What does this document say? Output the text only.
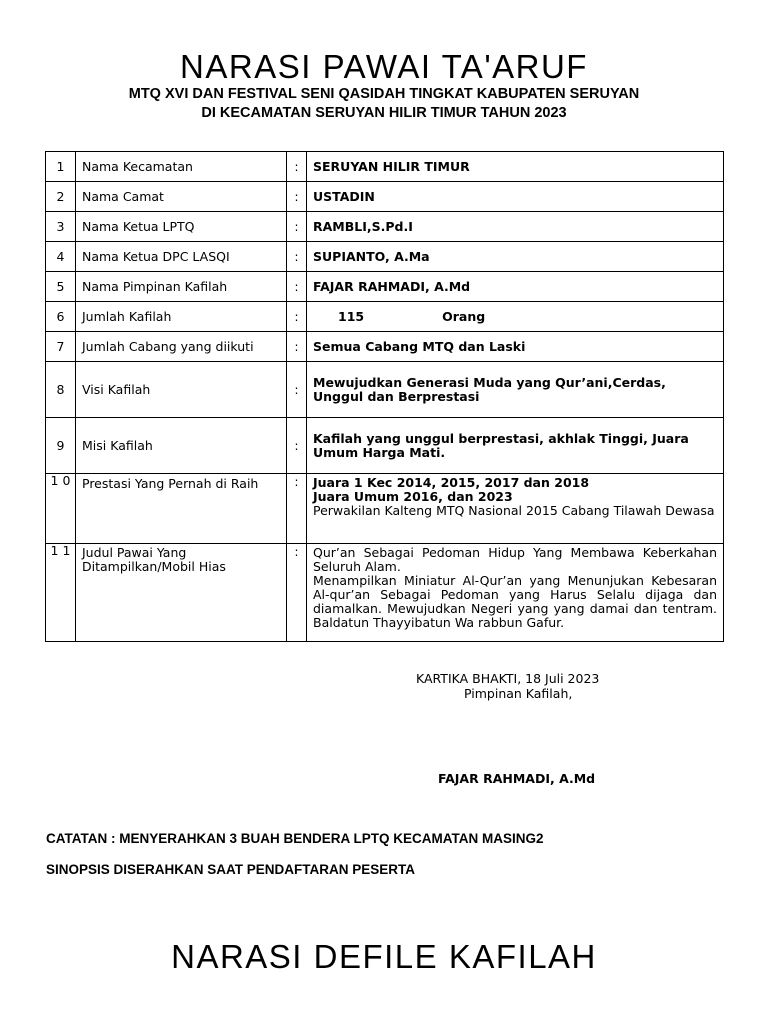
NARASI PAWAI TA'ARUF
MTQ XVI DAN FESTIVAL SENI QASIDAH TINGKAT KABUPATEN SERUYAN
DI KECAMATAN SERUYAN HILIR TIMUR TAHUN 2023
1	Nama Kecamatan	:	SERUYAN HILIR TIMUR
2	Nama Camat	:	USTADIN
3	Nama Ketua LPTQ	:	RAMBLI,S.Pd.I
4	Nama Ketua DPC LASQI	:	SUPIANTO, A.Ma
5	Nama Pimpinan Kafilah	:	FAJAR RAHMADI, A.Md
6	Jumlah Kafilah	:	115 Orang
7	Jumlah Cabang yang diikuti	:	Semua Cabang MTQ dan Laski
8	Visi Kafilah	:	Mewujudkan Generasi Muda yang Qur’ani,Cerdas, Unggul dan Berprestasi
9	Misi Kafilah	:	Kafilah yang unggul berprestasi, akhlak Tinggi, Juara Umum Harga Mati.
1 0	Prestasi Yang Pernah di Raih	:	Juara 1 Kec 2014, 2015, 2017 dan 2018
Juara Umum 2016, dan 2023
Perwakilan Kalteng MTQ Nasional 2015 Cabang Tilawah Dewasa

1 1	Judul Pawai Yang Ditampilkan/Mobil Hias	:	Qur’an Sebagai Pedoman Hidup Yang Membawa Keberkahan Seluruh Alam.
Menampilkan Miniatur Al-Qur’an yang Menunjukan Kebesaran Al-qur’an Sebagai Pedoman yang Harus Selalu dijaga dan diamalkan. Mewujudkan Negeri yang yang damai dan tentram. Baldatun Thayyibatun Wa rabbun Gafur.
KARTIKA BHAKTI, 18 Juli 2023
Pimpinan Kafilah,
FAJAR RAHMADI, A.Md
CATATAN : MENYERAHKAN 3 BUAH BENDERA LPTQ KECAMATAN MASING2
SINOPSIS DISERAHKAN SAAT PENDAFTARAN PESERTA
NARASI DEFILE KAFILAH
